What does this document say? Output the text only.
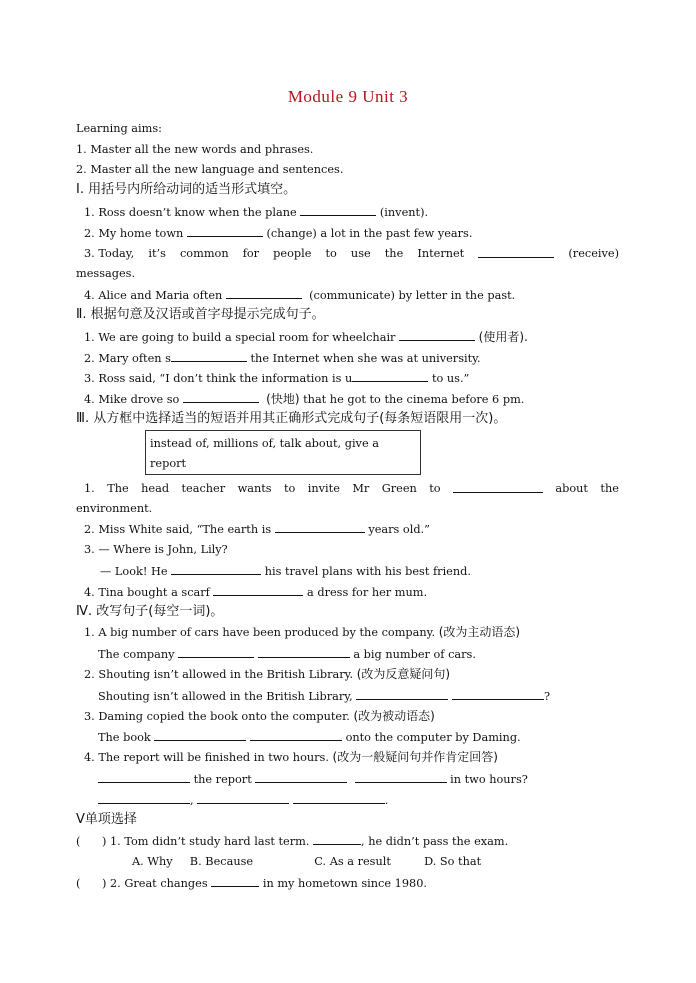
Module 9 Unit 3
Learning aims:
1. Master all the new words and phrases.
2. Master all the new language and sentences.
Ⅰ. 用括号内所给动词的适当形式填空。
1. Ross doesn’t know when the plane	(invent).
2. My home town	(change) a lot in the past few years.
3. Today, it’s common for people to use the Internet	(receive)
messages.
4. Alice and Maria often	(communicate) by letter in the past.
Ⅱ. 根据句意及汉语或首字母提示完成句子。
1. We are going to build a special room for wheelchair	(使用者).
2. Mary often s	the Internet when she was at university.
3. Ross said, “I don’t think the information is u	to us.”
4. Mike drove so	(快地) that he got to the cinema before 6 pm.
Ⅲ. 从方框中选择适当的短语并用其正确形式完成句子(每条短语限用一次)。
instead of, millions of, talk about, give a report
1. The head teacher wants to invite Mr Green to	about the
environment.
2. Miss White said, “The earth is	years old.”
3. — Where is John, Lily?
— Look! He	his travel plans with his best friend.
4. Tina bought a scarf	a dress for her mum.
Ⅳ. 改写句子(每空一词)。
1. A big number of cars have been produced by the company. (改为主动语态)
The company	a big number of cars.
2. Shouting isn’t allowed in the British Library. (改为反意疑问句)
Shouting isn’t allowed in the British Library,	?
3. Daming copied the book onto the computer. (改为被动语态)
The book	onto the computer by Daming.
4. The report will be finished in two hours. (改为一般疑问句并作肯定回答)
the report	in two hours?
,	.
Ⅴ单项选择
(      ) 1. Tom didn’t study hard last term.	, he didn’t pass the exam.
A. Why B. Because	C. As a result	D. So that
(      ) 2. Great changes	in my hometown since 1980.
